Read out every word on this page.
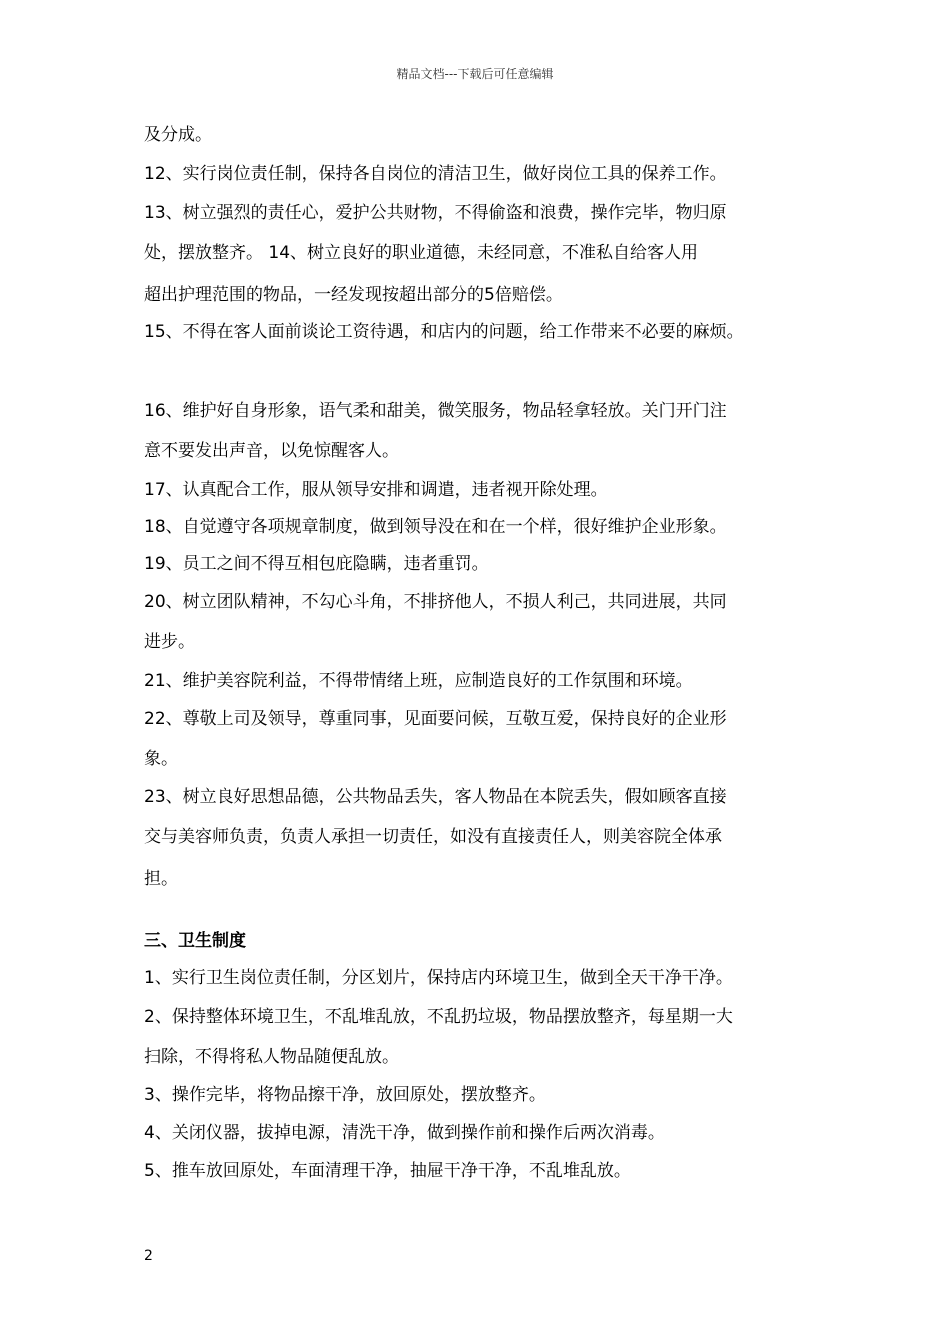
精品文档---下载后可任意编辑
及分成。
12、实行岗位责任制，保持各自岗位的清洁卫生，做好岗位工具的保养工作。
13、树立强烈的责任心，爱护公共财物，不得偷盗和浪费，操作完毕，物归原
处，摆放整齐。 14、树立良好的职业道德，未经同意，不准私自给客人用
超出护理范围的物品，一经发现按超出部分的5倍赔偿。
15、不得在客人面前谈论工资待遇，和店内的问题，给工作带来不必要的麻烦。
16、维护好自身形象，语气柔和甜美，微笑服务，物品轻拿轻放。关门开门注
意不要发出声音，以免惊醒客人。
17、认真配合工作，服从领导安排和调遣，违者视开除处理。
18、自觉遵守各项规章制度，做到领导没在和在一个样，很好维护企业形象。
19、员工之间不得互相包庇隐瞒，违者重罚。
20、树立团队精神，不勾心斗角，不排挤他人，不损人利己，共同进展，共同
进步。
21、维护美容院利益，不得带情绪上班，应制造良好的工作氛围和环境。
22、尊敬上司及领导，尊重同事，见面要问候，互敬互爱，保持良好的企业形
象。
23、树立良好思想品德，公共物品丢失，客人物品在本院丢失，假如顾客直接
交与美容师负责，负责人承担一切责任，如没有直接责任人，则美容院全体承
担。
三、卫生制度
1、实行卫生岗位责任制，分区划片，保持店内环境卫生，做到全天干净干净。
2、保持整体环境卫生，不乱堆乱放，不乱扔垃圾，物品摆放整齐，每星期一大
扫除，不得将私人物品随便乱放。
3、操作完毕，将物品擦干净，放回原处，摆放整齐。
4、关闭仪器，拔掉电源，清洗干净，做到操作前和操作后两次消毒。
5、推车放回原处，车面清理干净，抽屉干净干净，不乱堆乱放。
2
